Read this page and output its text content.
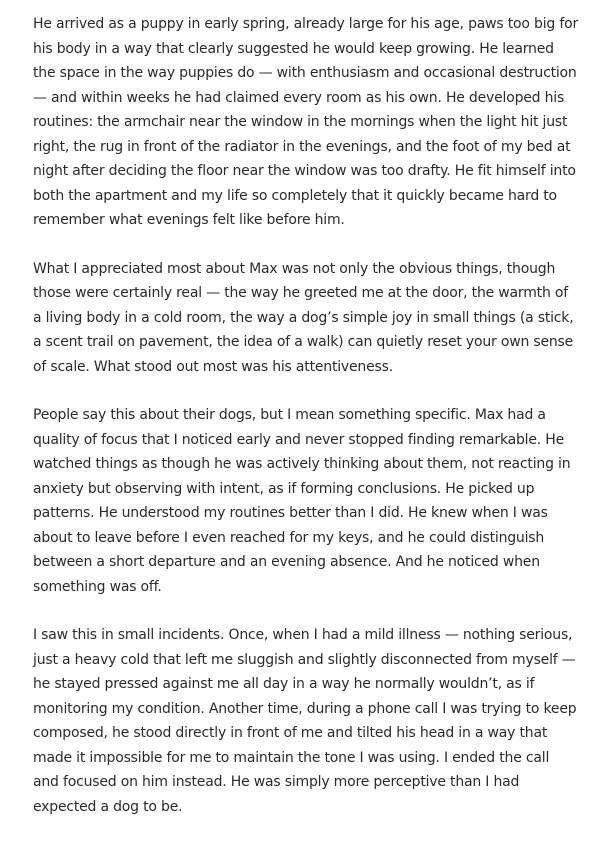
He arrived as a puppy in early spring, already large for his age, paws too big for his body in a way that clearly suggested he would keep growing. He learned the space in the way puppies do — with enthusiasm and occasional destruction — and within weeks he had claimed every room as his own. He developed his routines: the armchair near the window in the mornings when the light hit just right, the rug in front of the radiator in the evenings, and the foot of my bed at night after deciding the floor near the window was too drafty. He fit himself into both the apartment and my life so completely that it quickly became hard to remember what evenings felt like before him.

What I appreciated most about Max was not only the obvious things, though those were certainly real — the way he greeted me at the door, the warmth of a living body in a cold room, the way a dog’s simple joy in small things (a stick, a scent trail on pavement, the idea of a walk) can quietly reset your own sense of scale. What stood out most was his attentiveness.

People say this about their dogs, but I mean something specific. Max had a quality of focus that I noticed early and never stopped finding remarkable. He watched things as though he was actively thinking about them, not reacting in anxiety but observing with intent, as if forming conclusions. He picked up patterns. He understood my routines better than I did. He knew when I was about to leave before I even reached for my keys, and he could distinguish between a short departure and an evening absence. And he noticed when something was off.

I saw this in small incidents. Once, when I had a mild illness — nothing serious, just a heavy cold that left me sluggish and slightly disconnected from myself — he stayed pressed against me all day in a way he normally wouldn’t, as if monitoring my condition. Another time, during a phone call I was trying to keep composed, he stood directly in front of me and tilted his head in a way that made it impossible for me to maintain the tone I was using. I ended the call and focused on him instead. He was simply more perceptive than I had expected a dog to be.
